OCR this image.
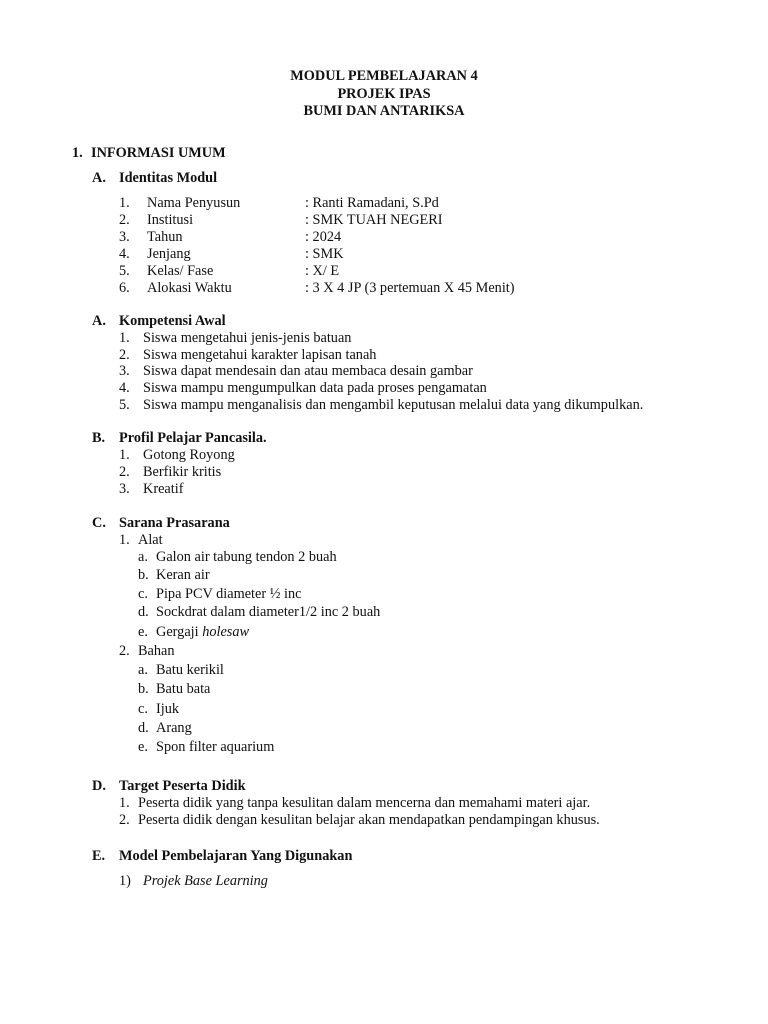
MODUL PEMBELAJARAN 4
PROJEK IPAS
BUMI DAN ANTARIKSA
1. INFORMASI UMUM
A. Identitas Modul
1. Nama Penyusun	: Ranti Ramadani, S.Pd
2. Institusi	: SMK TUAH NEGERI
3. Tahun	: 2024
4. Jenjang	: SMK
5. Kelas/ Fase	: X/ E
6. Alokasi Waktu	: 3 X 4 JP (3 pertemuan X 45 Menit)
A. Kompetensi Awal
1. Siswa mengetahui jenis-jenis batuan
2. Siswa mengetahui karakter lapisan tanah
3. Siswa dapat mendesain dan atau membaca desain gambar
4. Siswa mampu mengumpulkan data pada proses pengamatan
5. Siswa mampu menganalisis dan mengambil keputusan melalui data yang dikumpulkan.
B. Profil Pelajar Pancasila.
1. Gotong Royong
2. Berfikir kritis
3. Kreatif
C. Sarana Prasarana
1. Alat
a. Galon air tabung tendon 2 buah
b. Keran air
c. Pipa PCV diameter ½ inc
d. Sockdrat dalam diameter1/2 inc 2 buah
e. Gergaji holesaw
2. Bahan
a. Batu kerikil
b. Batu bata
c. Ijuk
d. Arang
e. Spon filter aquarium
D. Target Peserta Didik
1. Peserta didik yang tanpa kesulitan dalam mencerna dan memahami materi ajar.
2. Peserta didik dengan kesulitan belajar akan mendapatkan pendampingan khusus.
E. Model Pembelajaran Yang Digunakan
1) Projek Base Learning
